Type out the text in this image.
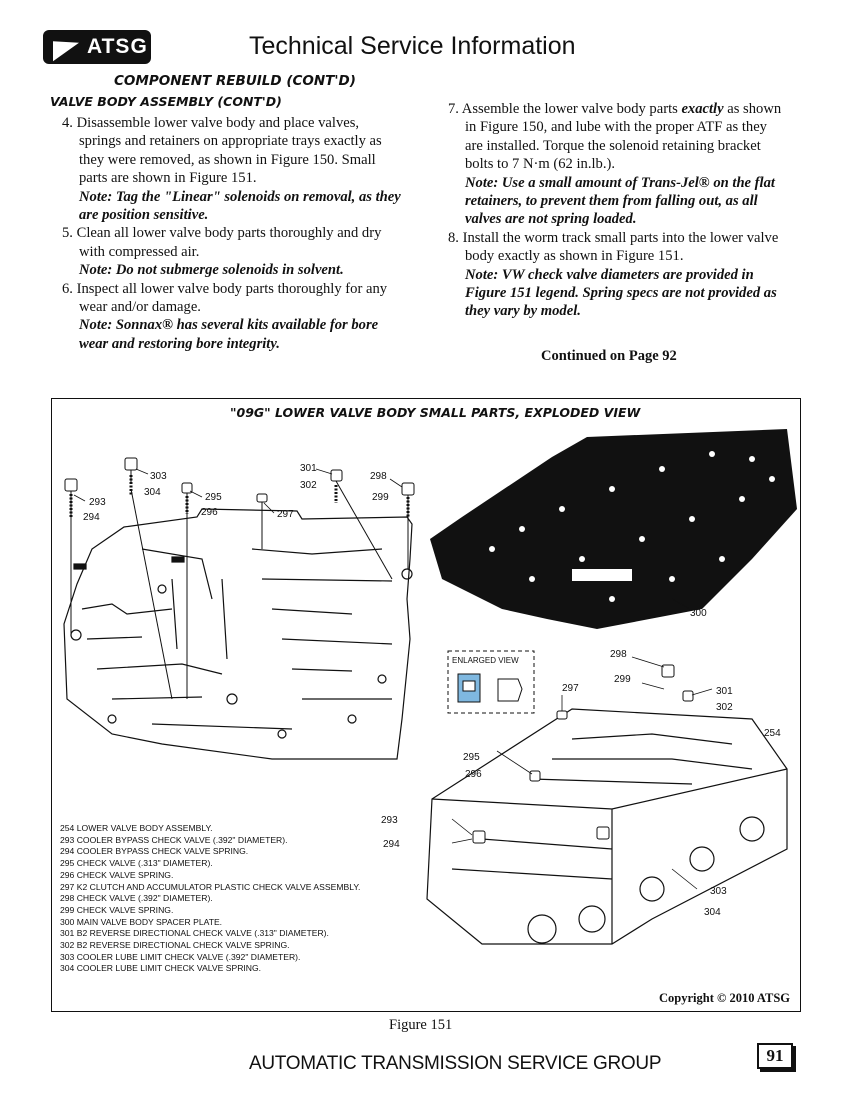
ATSG	Technical Service Information
COMPONENT REBUILD (CONT'D)
VALVE BODY ASSEMBLY (CONT'D)
4. Disassemble lower valve body and place valves, springs and retainers on appropriate trays exactly as they were removed, as shown in Figure 150. Small parts are shown in Figure 151.
Note: Tag the "Linear" solenoids on removal, as they are position sensitive.
5. Clean all lower valve body parts thoroughly and dry with compressed air.
Note: Do not submerge solenoids in solvent.
6. Inspect all lower valve body parts thoroughly for any wear and/or damage.
Note: Sonnax® has several kits available for bore wear and restoring bore integrity.
7. Assemble the lower valve body parts exactly as shown in Figure 150, and lube with the proper ATF as they are installed. Torque the solenoid retaining bracket bolts to 7 N·m (62 in.lb.).
Note: Use a small amount of Trans-Jel® on the flat retainers, to prevent them from falling out, as all valves are not spring loaded.
8. Install the worm track small parts into the lower valve body exactly as shown in Figure 151.
Note: VW check valve diameters are provided in Figure 151 legend. Spring specs are not provided as they vary by model.
Continued on Page 92
"09G" LOWER VALVE BODY SMALL PARTS, EXPLODED VIEW
303
304
293
294
295
296	297
301
302
298
299
300
298
299
297	301
302
254
295
296
293
294
303
304
ENLARGED VIEW
254 LOWER VALVE BODY ASSEMBLY.
293 COOLER BYPASS CHECK VALVE (.392" DIAMETER).
294 COOLER BYPASS CHECK VALVE SPRING.
295 CHECK VALVE (.313" DIAMETER).
296 CHECK VALVE SPRING.
297 K2 CLUTCH AND ACCUMULATOR PLASTIC CHECK VALVE ASSEMBLY.
298 CHECK VALVE (.392" DIAMETER).
299 CHECK VALVE SPRING.
300 MAIN VALVE BODY SPACER PLATE.
301 B2 REVERSE DIRECTIONAL CHECK VALVE (.313" DIAMETER).
302 B2 REVERSE DIRECTIONAL CHECK VALVE SPRING.
303 COOLER LUBE LIMIT CHECK VALVE (.392" DIAMETER).
304 COOLER LUBE LIMIT CHECK VALVE SPRING.
Copyright © 2010 ATSG
Figure 151
AUTOMATIC TRANSMISSION SERVICE GROUP	91
